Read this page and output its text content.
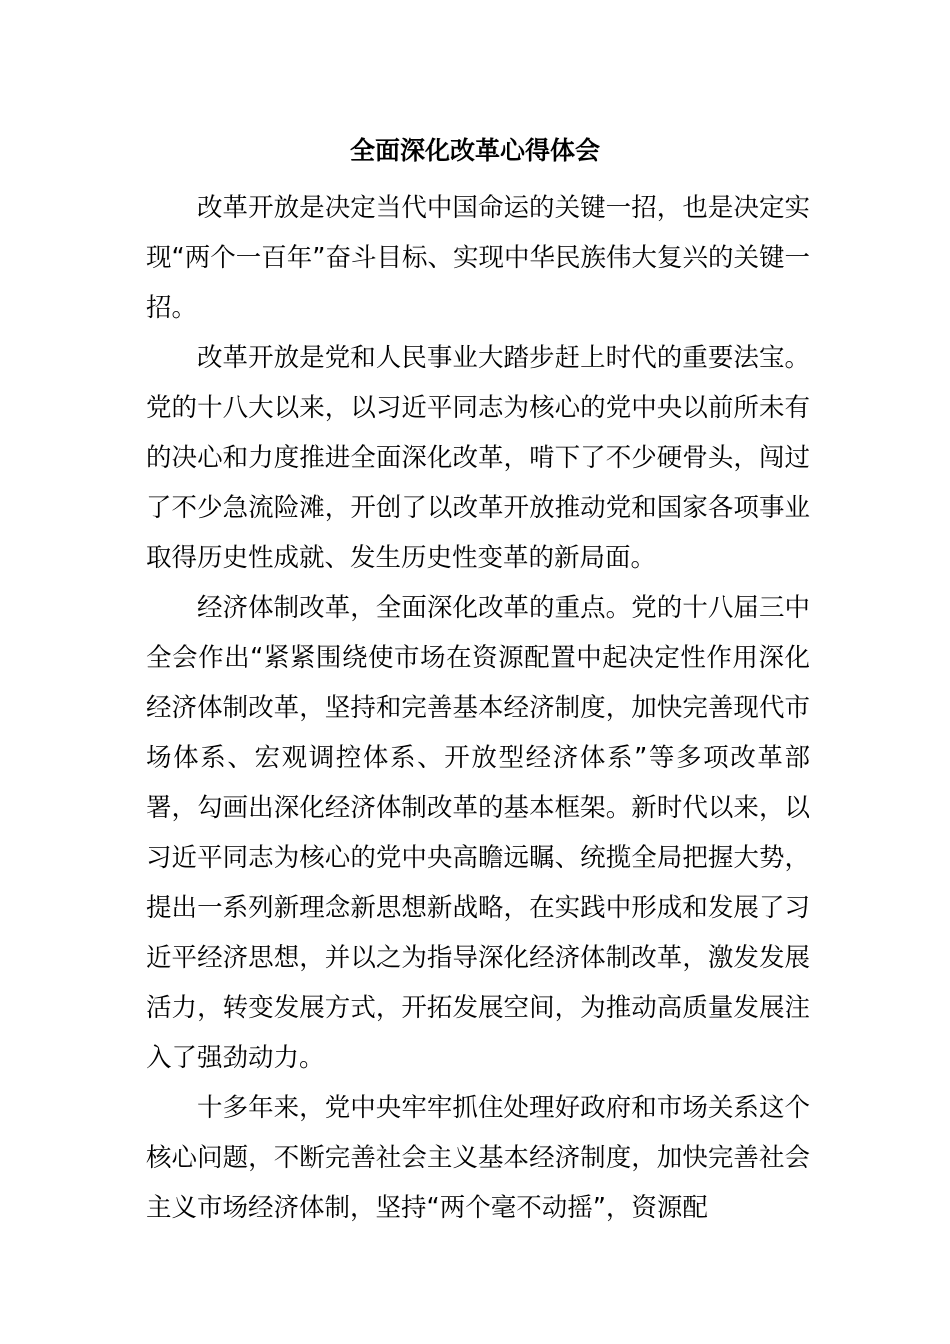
全面深化改革心得体会

改革开放是决定当代中国命运的关键一招，也是决定实现“两个一百年”奋斗目标、实现中华民族伟大复兴的关键一招。

改革开放是党和人民事业大踏步赶上时代的重要法宝。党的十八大以来，以习近平同志为核心的党中央以前所未有的决心和力度推进全面深化改革，啃下了不少硬骨头，闯过了不少急流险滩，开创了以改革开放推动党和国家各项事业取得历史性成就、发生历史性变革的新局面。

经济体制改革，全面深化改革的重点。党的十八届三中全会作出“紧紧围绕使市场在资源配置中起决定性作用深化经济体制改革，坚持和完善基本经济制度，加快完善现代市场体系、宏观调控体系、开放型经济体系”等多项改革部署，勾画出深化经济体制改革的基本框架。新时代以来，以习近平同志为核心的党中央高瞻远瞩、统揽全局把握大势，提出一系列新理念新思想新战略，在实践中形成和发展了习近平经济思想，并以之为指导深化经济体制改革，激发发展活力，转变发展方式，开拓发展空间，为推动高质量发展注入了强劲动力。

十多年来，党中央牢牢抓住处理好政府和市场关系这个核心问题，不断完善社会主义基本经济制度，加快完善社会主义市场经济体制，坚持“两个毫不动摇”，资源配
